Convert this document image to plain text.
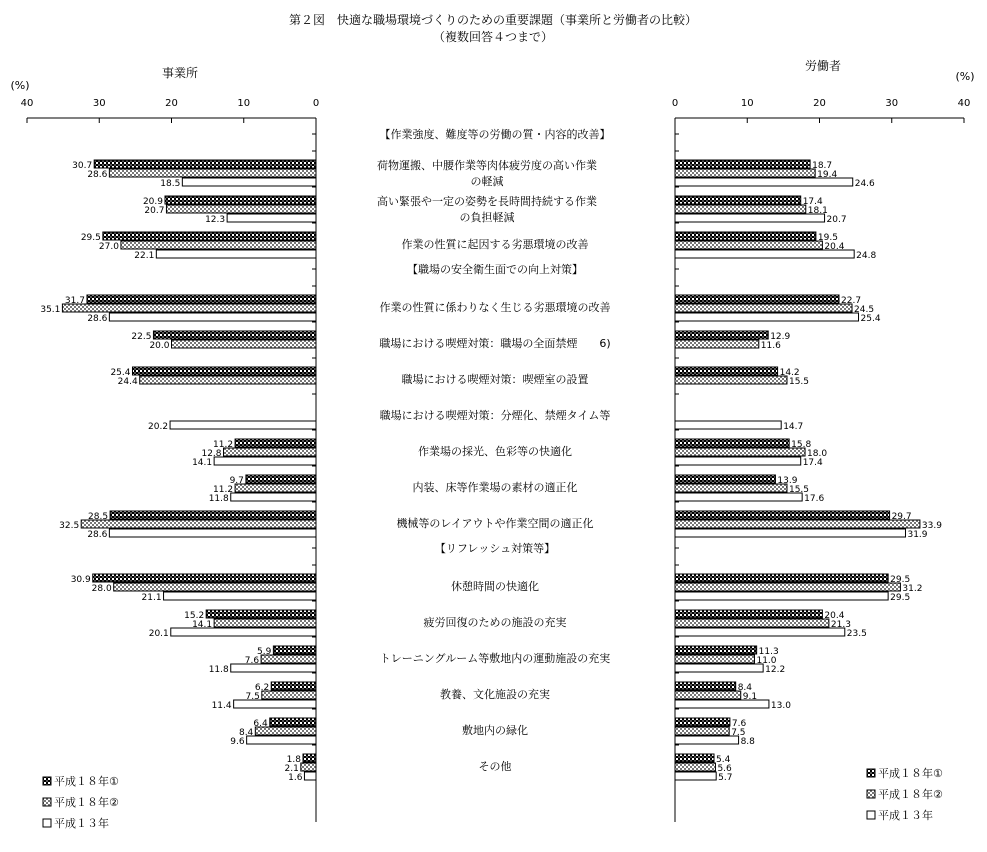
第２図　快適な職場環境づくりのための重要課題（事業所と労働者の比較）
（複数回答４つまで）
事業所	労働者
(%)
(%)
40	30	20	10	0	0	10	20	30	40
【作業強度、難度等の労働の質・内容的改善】
荷物運搬、中腰作業等肉体疲労度の高い作業
の軽減
30.7
28.6
18.5
18.7
19.4
24.6
高い緊張や一定の姿勢を長時間持続する作業
の負担軽減
20.9
20.7
12.3
17.4
18.1
20.7
作業の性質に起因する劣悪環境の改善
29.5
27.0
22.1
19.5
20.4
24.8
【職場の安全衛生面での向上対策】
作業の性質に係わりなく生じる劣悪環境の改善
31.7
35.1
28.6
22.7
24.5
25.4
職場における喫煙対策：職場の全面禁煙　　6)
22.5
20.0
12.9
11.6
職場における喫煙対策：喫煙室の設置
25.4
24.4
14.2
15.5
職場における喫煙対策：分煙化、禁煙タイム等
20.2	14.7
作業場の採光、色彩等の快適化
11.2
12.8
14.1
15.8
18.0
17.4
内装、床等作業場の素材の適正化
9.7
11.2
11.8
13.9
15.5
17.6
機械等のレイアウトや作業空間の適正化
28.5
32.5
28.6
29.7
33.9
31.9
【リフレッシュ対策等】
休憩時間の快適化
30.9
28.0
21.1
29.5
31.2
29.5
疲労回復のための施設の充実
15.2
14.1
20.1
20.4
21.3
23.5
トレーニングルーム等敷地内の運動施設の充実
5.9
7.6
11.8
11.3
11.0
12.2
教養、文化施設の充実
6.2
7.5
11.4
8.4
9.1
13.0
敷地内の緑化
6.4
8.4
9.6
7.6
7.5
8.8
その他
1.8
2.1
1.6
5.4
5.6
5.7
平成１８年①
平成１８年②
平成１３年
平成１８年①
平成１８年②
平成１３年
